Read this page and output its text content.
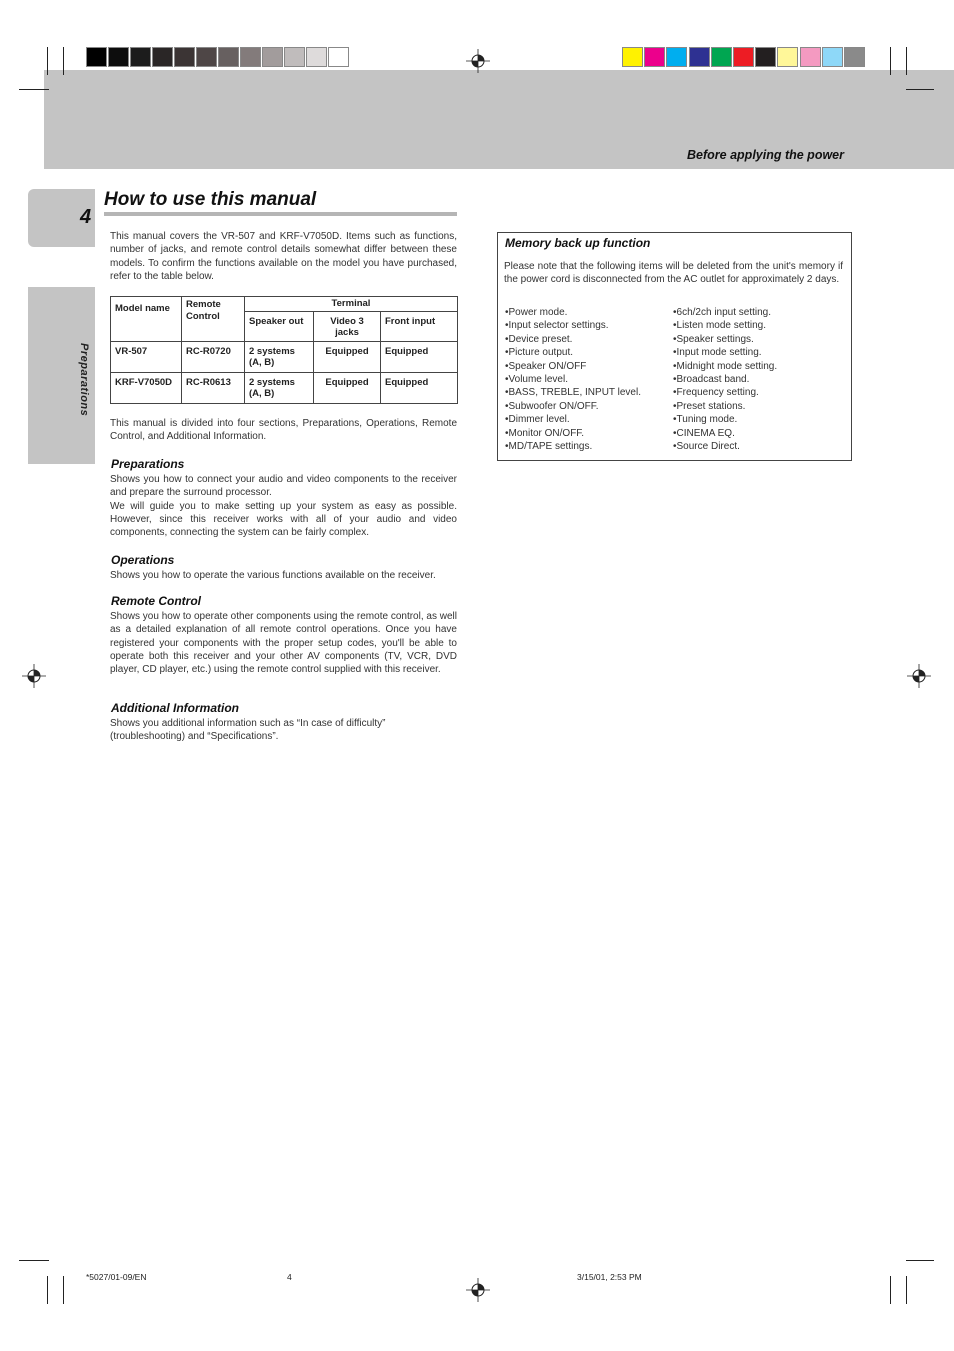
Before applying the power
4
Preparations
How to use this manual
This manual covers the VR-507 and KRF-V7050D. Items such as functions, number of jacks, and remote control details somewhat differ between these models. To confirm the functions available on the model you have purchased, refer to the table below.
Model name	Remote Control	Terminal		
		Speaker out	Video 3 jacks	Front input
VR-507	RC-R0720	2 systems (A, B)	Equipped	Equipped
KRF-V7050D	RC-R0613	2 systems (A, B)	Equipped	Equipped
This manual is divided into four sections, Preparations, Operations, Remote Control, and Additional Information.
Preparations
Shows you how to connect your audio and video components to the receiver and prepare the surround processor.
We will guide you to make setting up your system as easy as possible. However, since this receiver works with all of your audio and video components, connecting the system can be fairly complex.
Operations
Shows you how to operate the various functions available on the receiver.
Remote Control
Shows you how to operate other components using the remote control, as well as a detailed explanation of all remote control operations. Once you have registered your components with the proper setup codes, you'll be able to operate both this receiver and your other AV components (TV, VCR, DVD player, CD player, etc.) using the remote control supplied with this receiver.
Additional Information
Shows you additional information such as “In case of difficulty” (troubleshooting) and “Specifications”.
Memory back up function
Please note that the following items will be deleted from the unit's memory if the power cord is disconnected from the AC outlet for approximately 2 days.
• Power mode.
• Input selector settings.
• Device preset.
• Picture output.
• Speaker ON/OFF
• Volume level.
• BASS, TREBLE, INPUT level.
• Subwoofer ON/OFF.
• Dimmer level.
• Monitor ON/OFF.
• MD/TAPE settings.
• 6ch/2ch input setting.
• Listen mode setting.
• Speaker settings.
• Input mode setting.
• Midnight mode setting.
• Broadcast band.
• Frequency setting.
• Preset stations.
• Tuning mode.
• CINEMA EQ.
• Source Direct.
*5027/01-09/EN	4	3/15/01, 2:53 PM
